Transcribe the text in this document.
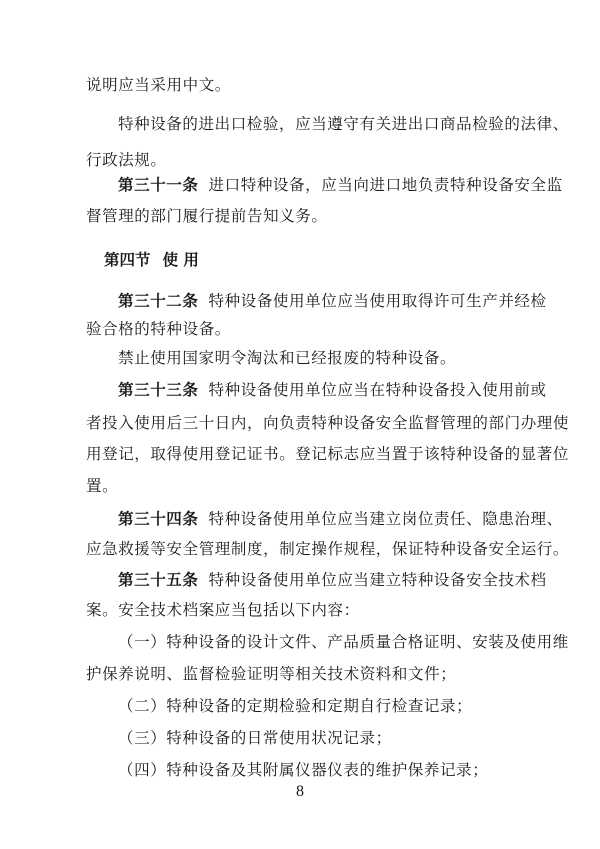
说明应当采用中文。
特种设备的进出口检验，应当遵守有关进出口商品检验的法律、
行政法规。
第三十一条 进口特种设备，应当向进口地负责特种设备安全监
督管理的部门履行提前告知义务。
第四节 使 用
第三十二条 特种设备使用单位应当使用取得许可生产并经检
验合格的特种设备。
禁止使用国家明令淘汰和已经报废的特种设备。
第三十三条 特种设备使用单位应当在特种设备投入使用前或
者投入使用后三十日内，向负责特种设备安全监督管理的部门办理使
用登记，取得使用登记证书。登记标志应当置于该特种设备的显著位
置。
第三十四条 特种设备使用单位应当建立岗位责任、隐患治理、
应急救援等安全管理制度，制定操作规程，保证特种设备安全运行。
第三十五条 特种设备使用单位应当建立特种设备安全技术档
案。安全技术档案应当包括以下内容：
（一）特种设备的设计文件、产品质量合格证明、安装及使用维
护保养说明、监督检验证明等相关技术资料和文件；
（二）特种设备的定期检验和定期自行检查记录；
（三）特种设备的日常使用状况记录；
（四）特种设备及其附属仪器仪表的维护保养记录；
8
